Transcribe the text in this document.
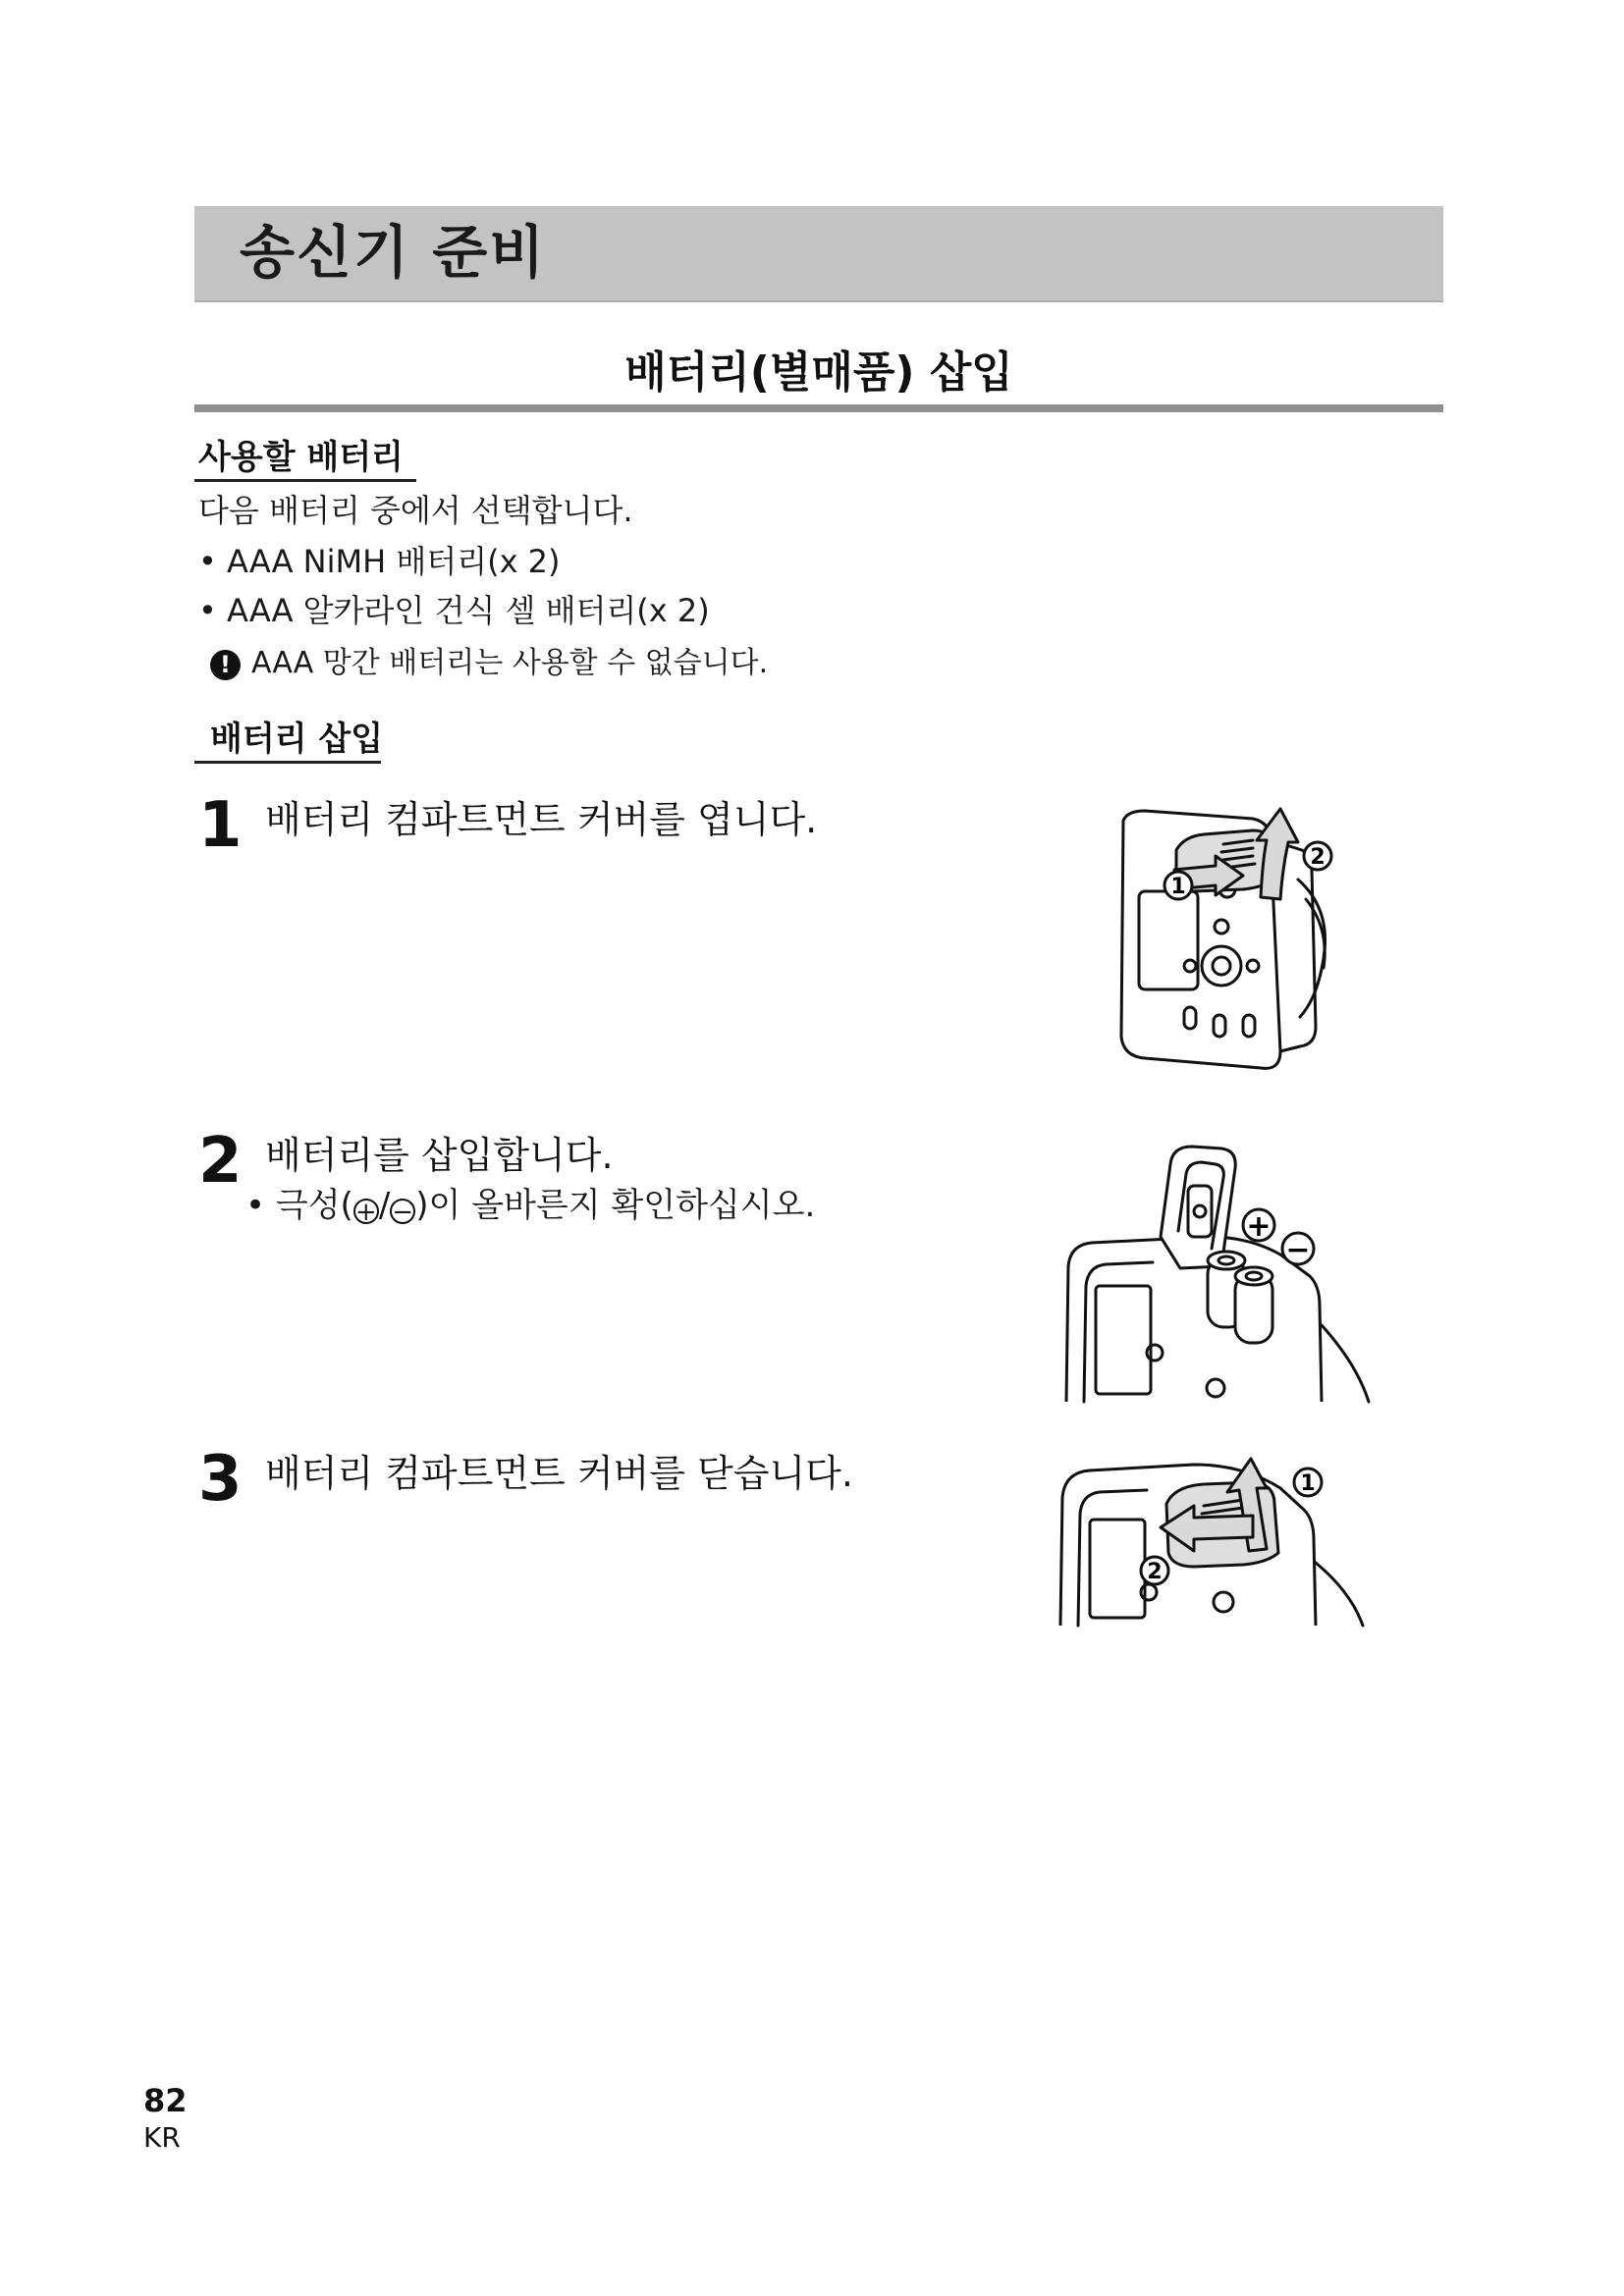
송신기 준비
배터리(별매품) 삽입
사용할 배터리
다음 배터리 중에서 선택합니다.
• AAA NiMH 배터리(x 2)
• AAA 알카라인 건식 셀 배터리(x 2)
! AAA 망간 배터리는 사용할 수 없습니다.
배터리 삽입
1 배터리 컴파트먼트 커버를 엽니다.
2 배터리를 삽입합니다.
• 극성(+/−)이 올바른지 확인하십시오.
3 배터리 컴파트먼트 커버를 닫습니다.
1
2
+
−
1
2
82
KR
